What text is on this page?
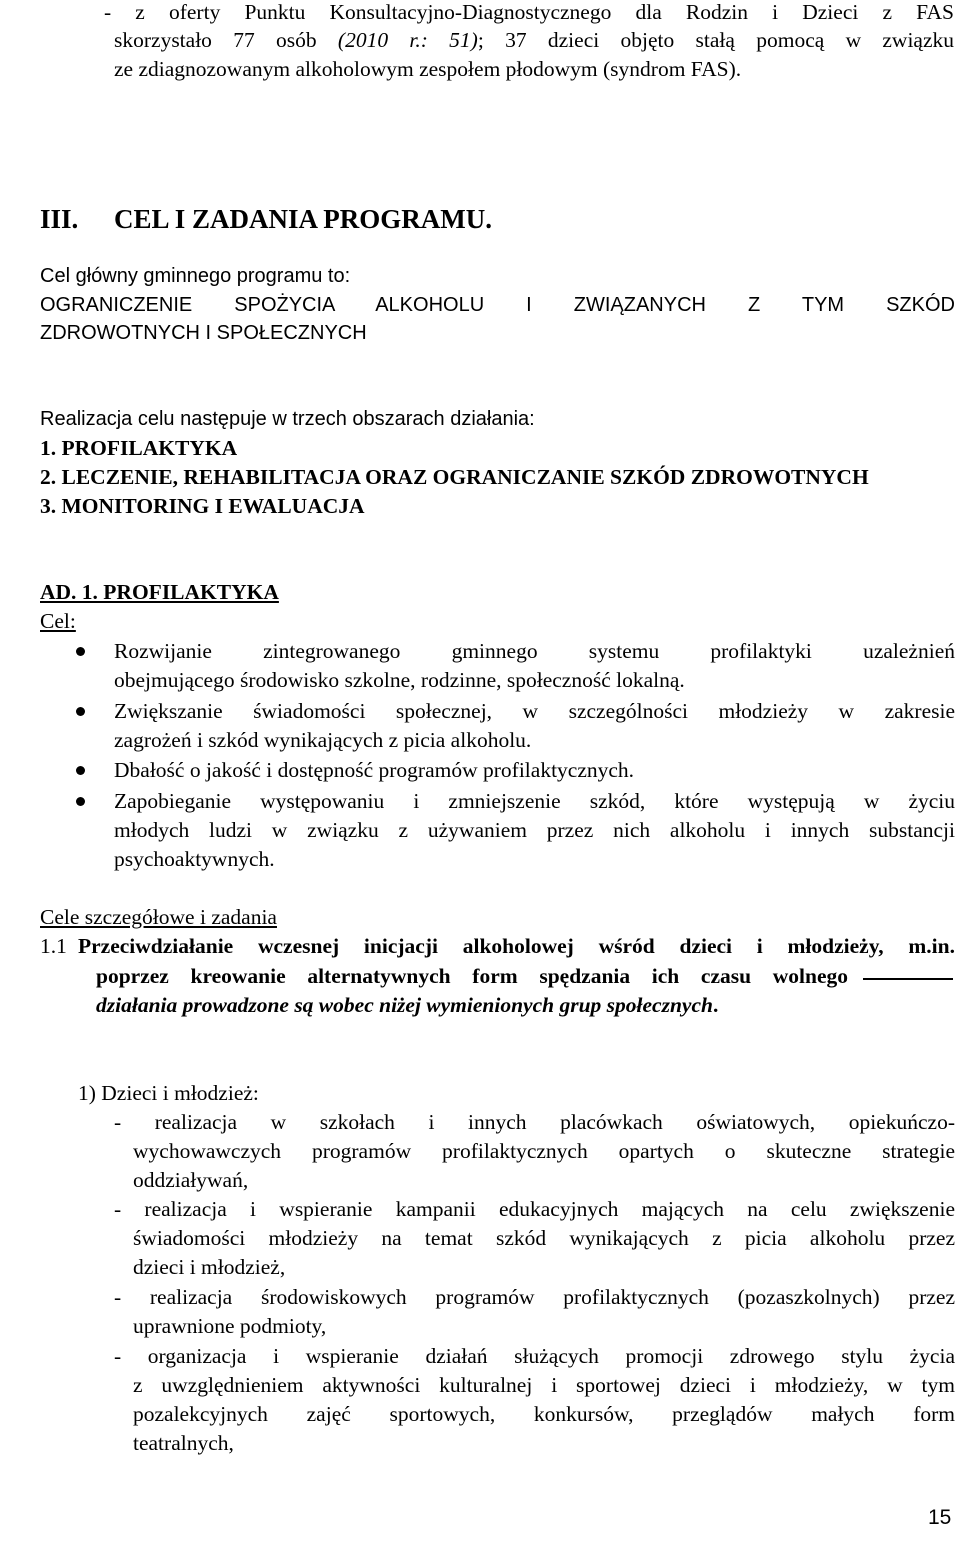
- z oferty Punktu Konsultacyjno-Diagnostycznego dla Rodzin i Dzieci z FAS
skorzystało 77 osób (2010 r.: 51); 37 dzieci objęto stałą pomocą w związku
ze zdiagnozowanym alkoholowym zespołem płodowym (syndrom FAS).
III. CEL I ZADANIA PROGRAMU.
Cel główny gminnego programu to:
OGRANICZENIE SPOŻYCIA ALKOHOLU I ZWIĄZANYCH Z TYM SZKÓD
ZDROWOTNYCH I SPOŁECZNYCH
Realizacja celu następuje w trzech obszarach działania:
1. PROFILAKTYKA
2. LECZENIE, REHABILITACJA ORAZ OGRANICZANIE SZKÓD ZDROWOTNYCH
3. MONITORING I EWALUACJA
AD. 1. PROFILAKTYKA
Cel:
Rozwijanie zintegrowanego gminnego systemu profilaktyki uzależnień
obejmującego środowisko szkolne, rodzinne, społeczność lokalną.
Zwiększanie świadomości społecznej, w szczególności młodzieży w zakresie
zagrożeń i szkód wynikających z picia alkoholu.
Dbałość o jakość i dostępność programów profilaktycznych.
Zapobieganie występowaniu i zmniejszenie szkód, które występują w życiu
młodych ludzi w związku z używaniem przez nich alkoholu i innych substancji
psychoaktywnych.
Cele szczegółowe i zadania
1.1 Przeciwdziałanie wczesnej inicjacji alkoholowej wśród dzieci i młodzieży, m.in.
poprzez kreowanie alternatywnych form spędzania ich czasu wolnego
działania prowadzone są wobec niżej wymienionych grup społecznych.
1) Dzieci i młodzież:
- realizacja w szkołach i innych placówkach oświatowych, opiekuńczo-
wychowawczych programów profilaktycznych opartych o skuteczne strategie
oddziaływań,
- realizacja i wspieranie kampanii edukacyjnych mających na celu zwiększenie
świadomości młodzieży na temat szkód wynikających z picia alkoholu przez
dzieci i młodzież,
- realizacja środowiskowych programów profilaktycznych (pozaszkolnych) przez
uprawnione podmioty,
- organizacja i wspieranie działań służących promocji zdrowego stylu życia
z uwzględnieniem aktywności kulturalnej i sportowej dzieci i młodzieży, w tym
pozalekcyjnych zajęć sportowych, konkursów, przeglądów małych form
teatralnych,
15
